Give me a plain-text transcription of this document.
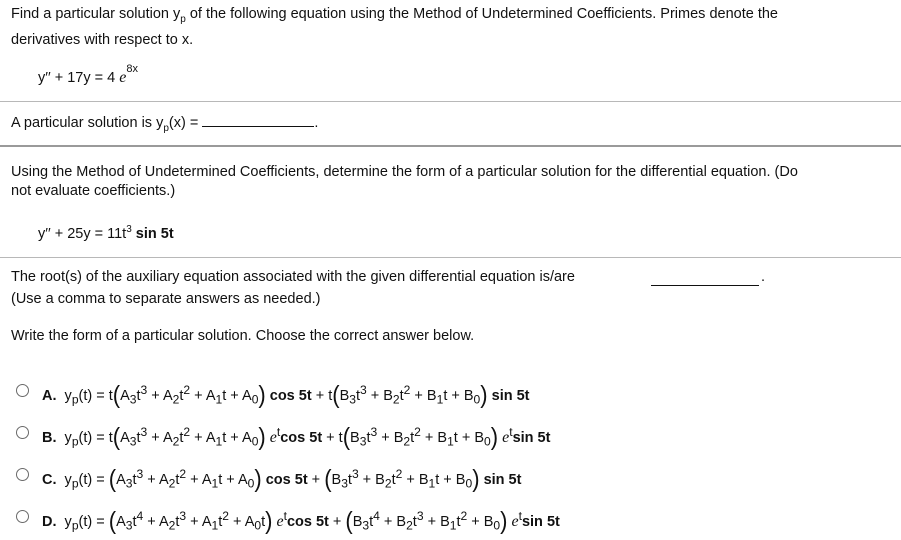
Find a particular solution $y_p$ of the following equation using the Method of Undetermined Coefficients. Primes denote the
derivatives with respect to x.
y′′ + 17y = 4 $e^{8x}$
A particular solution is $y_p(x)$ =	.
Using the Method of Undetermined Coefficients, determine the form of a particular solution for the differential equation. (Do
not evaluate coefficients.)
$y'' + 25y = 11t^3$ sin 5t
The root(s) of the auxiliary equation associated with the given differential equation is/are	.
(Use a comma to separate answers as needed.)
Write the form of a particular solution. Choose the correct answer below.
A.  $y_p(t) = t(A_3t^3 + A_2t^2 + A_1t + A_0)$ $\cos 5t + t(B_3t^3 + B_2t^2 + B_1t + B_0)$ sin 5t
B.  $y_p(t) = t(A_3t^3 + A_2t^2 + A_1t + A_0)$ $e^t\cos$ $5t + t(B_3t^3 + B_2t^2 + B_1t + B_0)$ $e^t\sin$ 5t
C.  $y_p(t) = (A_3t^3 + A_2t^2 + A_1t + A_0)$ $\cos 5t + (B_3t^3 + B_2t^2 + B_1t + B_0)$ sin 5t
D.  $y_p(t) = (A_3t^4 + A_2t^3 + A_1t^2 + A_0t)$ $e^t\cos$ $5t + (B_3t^4 + B_2t^3 + B_1t^2 + B_0)$ $e^t\sin$ 5t
